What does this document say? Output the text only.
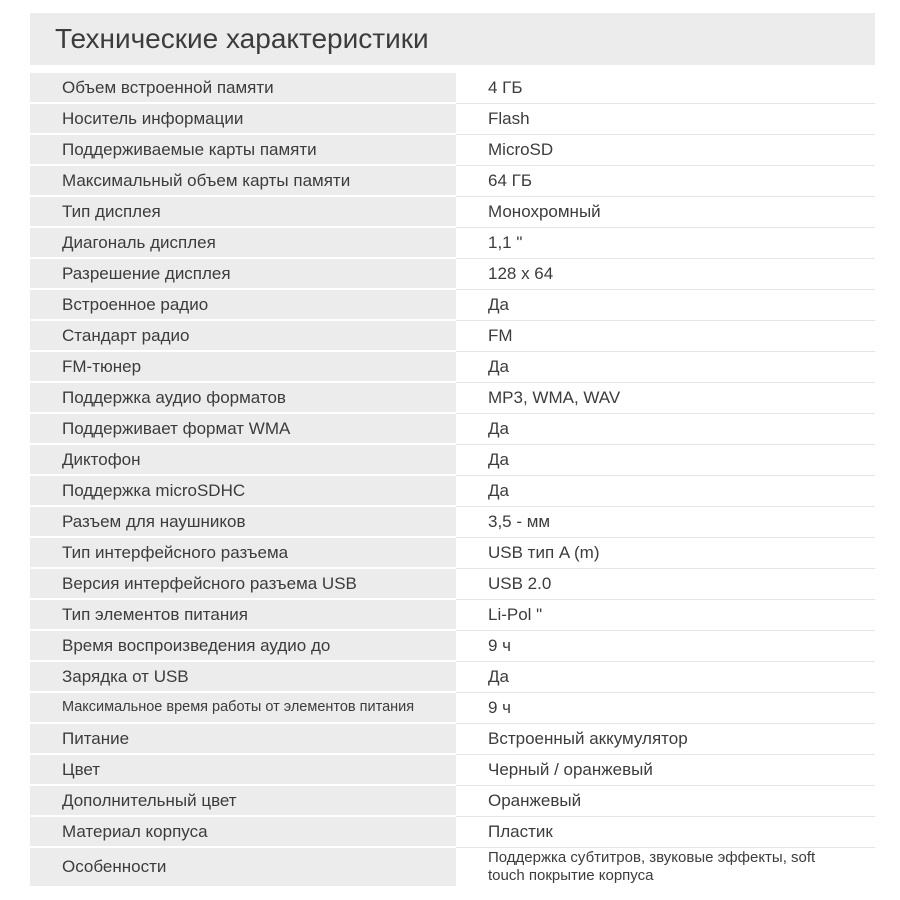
Технические характеристики
Объем встроенной памяти	4 ГБ
Носитель информации	Flash
Поддерживаемые карты памяти	MicroSD
Максимальный объем карты памяти	64 ГБ
Тип дисплея	Монохромный
Диагональ дисплея	1,1 "
Разрешение дисплея	128 x 64
Встроенное радио	Да
Стандарт радио	FM
FM-тюнер	Да
Поддержка аудио форматов	MP3, WMA, WAV
Поддерживает формат WMA	Да
Диктофон	Да
Поддержка microSDHC	Да
Разъем для наушников	3,5 - мм
Тип интерфейсного разъема	USB тип A (m)
Версия интерфейсного разъема USB	USB 2.0
Тип элементов питания	Li-Pol "
Время воспроизведения аудио до	9 ч
Зарядка от USB	Да
Максимальное время работы от элементов питания	9 ч
Питание	Встроенный аккумулятор
Цвет	Черный / оранжевый
Дополнительный цвет	Оранжевый
Материал корпуса	Пластик
Особенности	Поддержка субтитров, звуковые эффекты, soft touch покрытие корпуса
